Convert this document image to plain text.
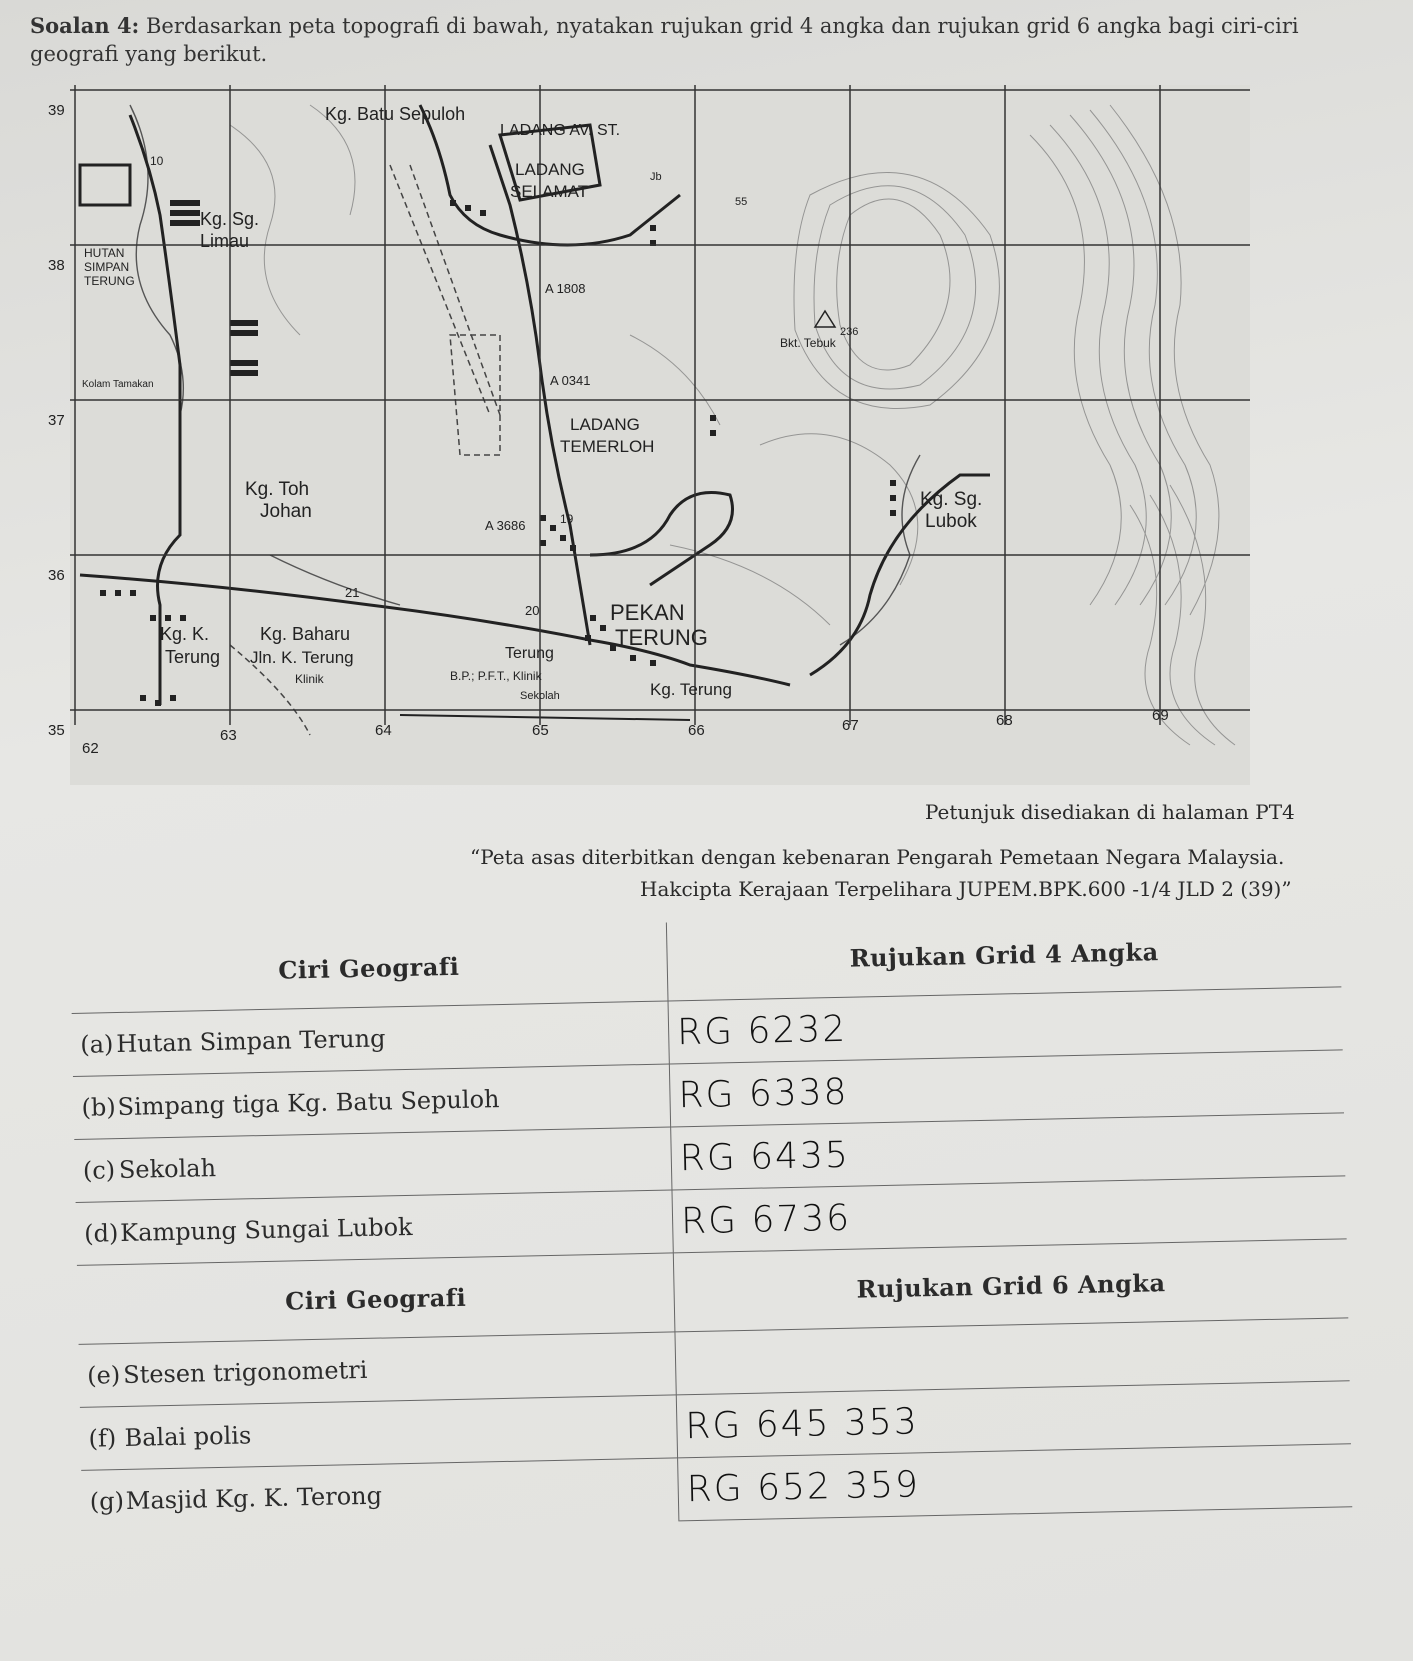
Soalan 4: Berdasarkan peta topografi di bawah, nyatakan rujukan grid 4 angka dan rujukan grid 6 angka bagi ciri-ciri geografi yang berikut.
Kg. Batu Sepuloh
LADANG AV. ST.
LADANG
SELAMAT
Kg. Sg.
Limau
HUTAN
SIMPAN
TERUNG	A 1808
Bkt. Tebuk
236
A 0341
Kolam Tamakan
LADANG
TEMERLOH
Kg. Toh
Johan
A 3686	19
Kg. Sg.
Lubok
21
20	PEKAN
TERUNG
Kg. K.
Terung
Kg. Baharu
Jln. K. Terung
Klinik	B.P.; P.F.T., Klinik
Terung
Sekolah	Kg. Terung
10
55
Jb
39
38
37
36
35
62
63	64	65	66	67	68	69
Petunjuk disediakan di halaman PT4
“Peta asas diterbitkan dengan kebenaran Pengarah Pemetaan Negara Malaysia.
Hakcipta Kerajaan Terpelihara JUPEM.BPK.600 -1/4 JLD 2 (39)”
Ciri Geografi	Rujukan Grid 4 Angka
(a)Hutan Simpan Terung	RG 6232
(b)Simpang tiga Kg. Batu Sepuloh	RG 6338
(c) Sekolah	RG 6435
(d)Kampung Sungai Lubok	RG 6736
Ciri Geografi	Rujukan Grid 6 Angka
(e) Stesen trigonometri	
(f) Balai polis	RG 645 353
(g)Masjid Kg. K. Terong	RG 652 359
